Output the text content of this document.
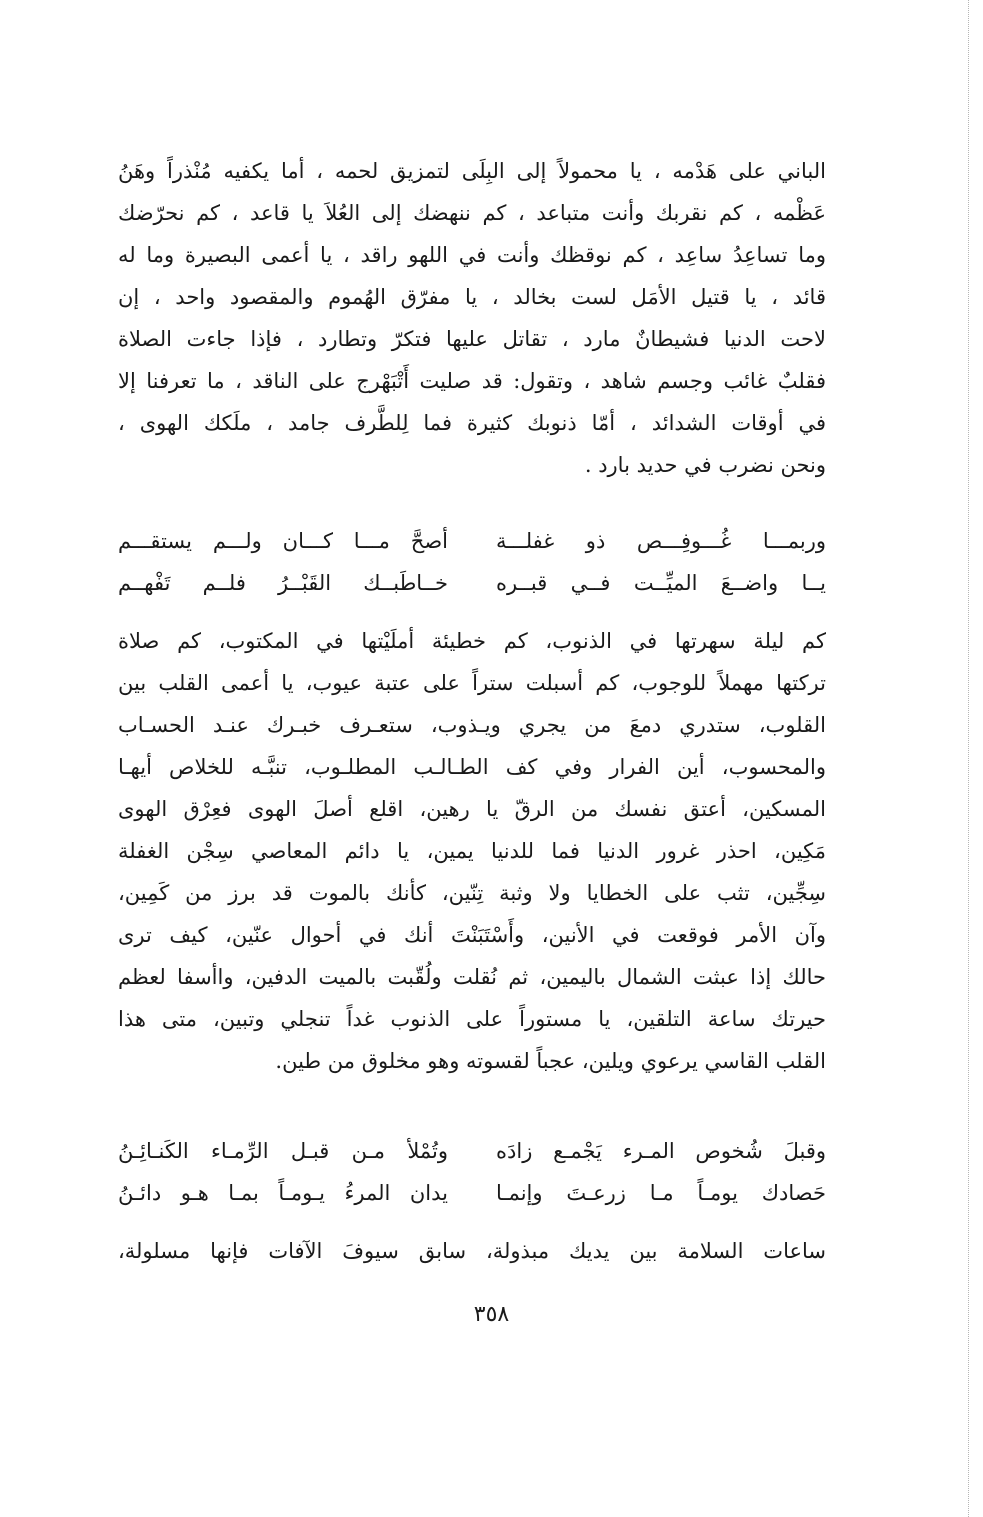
الباني على هَدْمه ، يا محمولاً إلى البِلَى لتمزيق لحمه ، أما يكفيه مُنْذراً وهَنُ
عَظْمه ، كم نقربك وأنت متباعد ، كم ننهضك إلى العُلاَ يا قاعد ، كم نحرّضك
وما تساعِدُ ساعِد ، كم نوقظك وأنت في اللهو راقد ، يا أعمى البصيرة وما له
قائد ، يا قتيل الأمَل لست بخالد ، يا مفرّق الهُموم والمقصود واحد ، إن
لاحت الدنيا فشيطانٌ مارد ، تقاتل عليها فتكرّ وتطارد ، فإذا جاءت الصلاة
فقلبٌ غائب وجسم شاهد ، وتقول: قد صليت أَتْبَهْرج على الناقد ، ما تعرفنا إلا
في أوقات الشدائد ، أمّا ذنوبك كثيرة فما لِلطَّرف جامد ، ملَكك الهوى ،
ونحن نضرب في حديد بارد .
وربمـــا غُـــوفِـــص ذو غفلـــة
أصحَّ مـــا كـــان ولـــم يستقـــم
يــا واضــعَ الميِّــت فــي قبــره
خــاطَبــك القَبْــرُ فلــم تَفْهــم
كم ليلة سهرتها في الذنوب، كم خطيئة أملَيْتها في المكتوب، كم صلاة
تركتها مهملاً للوجوب، كم أسبلت ستراً على عتبة عيوب، يا أعمى القلب بين
القلوب، ستدري دمعَ من يجري ويـذوب، ستعـرف خبـرك عنـد الحسـاب
والمحسوب، أين الفرار وفي كف الطـالـب المطلـوب، تنبَّـه للخلاص أيهـا
المسكين، أعتق نفسك من الرقّ يا رهين، اقلع أصلَ الهوى فعِرْق الهوى
مَكِين، احذر غرور الدنيا فما للدنيا يمين، يا دائم المعاصي سِجْن الغفلة
سِجِّين، تثب على الخطايا ولا وثبة تِنّين، كأنك بالموت قد برز من كَمِين،
وآن الأمر فوقعت في الأنين، وأَسْتَبَنْتَ أنك في أحوال عنّين، كيف ترى
حالك إذا عبثت الشمال باليمين، ثم نُقلت ولُقّبت بالميت الدفين، واأسفا لعظم
حيرتك ساعة التلقين، يا مستوراً على الذنوب غداً تنجلي وتبين، متى هذا
القلب القاسي يرعوي ويلين، عجباً لقسوته وهو مخلوق من طين.
وقبلَ شُخوص المـرء يَجْمـع زادَه
وتُمْلأ مـن قبـل الرِّمـاء الكَنـائِـنُ
حَصادك يومـاً مـا زرعـتَ وإنمـا
يدان المرءُ يـومـاً بمـا هـو دائـنُ
ساعات السلامة بين يديك مبذولة، سابق سيوفَ الآفات فإنها مسلولة،
٣٥٨
